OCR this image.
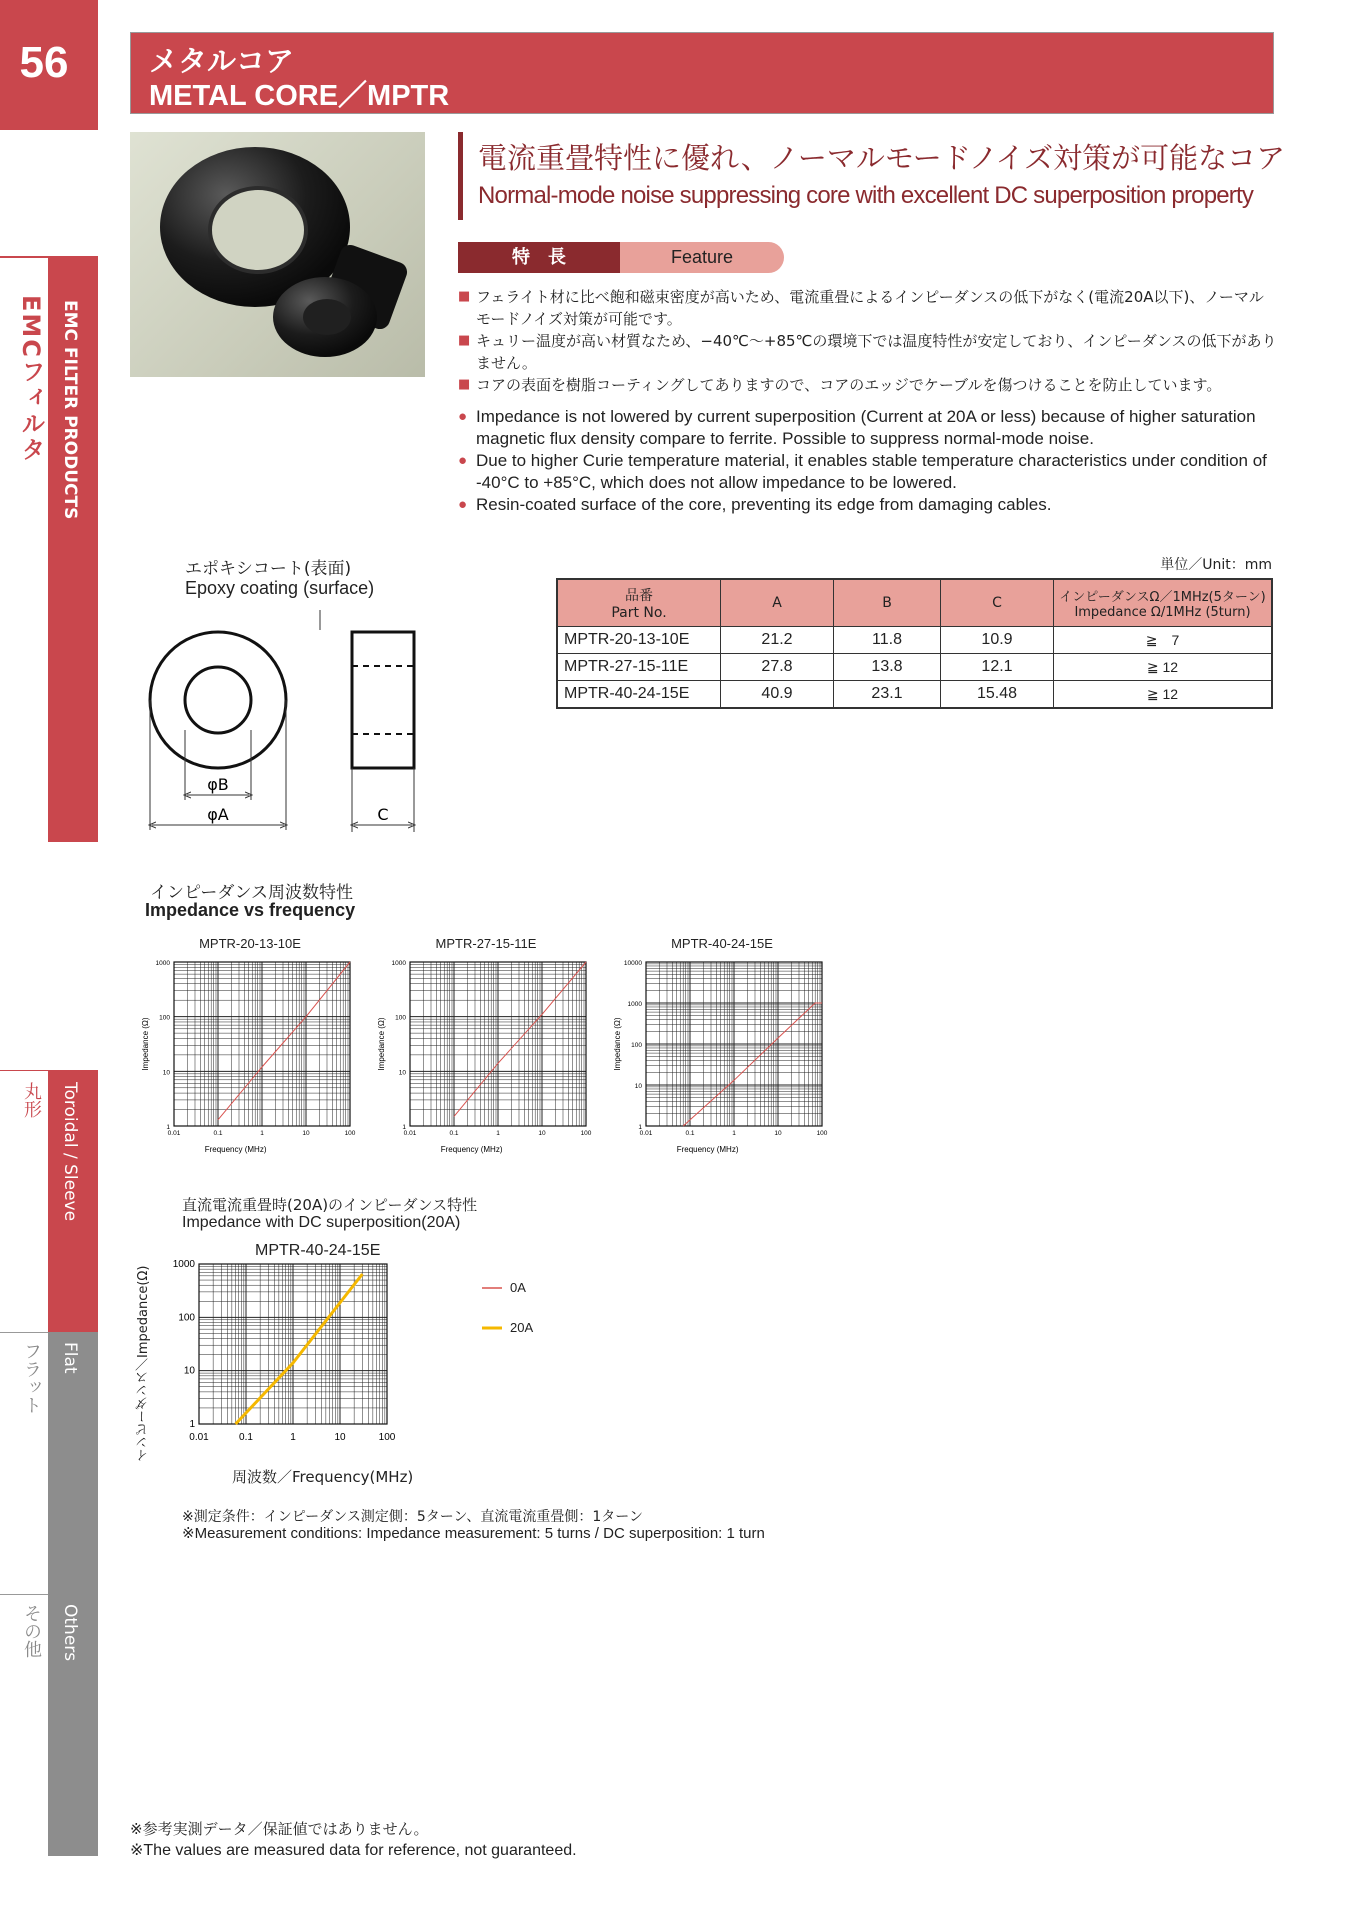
56
EMCフィルタ EMC FILTER PRODUCTS
丸形 Toroidal / Sleeve
フラット Flat
その他 Others
メタルコア
METAL CORE／MPTR
電流重畳特性に優れ、ノーマルモードノイズ対策が可能なコア
Normal-mode noise suppressing core with excellent DC superposition property
特　長	Feature
■ フェライト材に比べ飽和磁束密度が高いため、電流重畳によるインピーダンスの低下がなく(電流20A以下)、ノーマルモードノイズ対策が可能です。
■ キュリー温度が高い材質なため、−40℃〜+85℃の環境下では温度特性が安定しており、インピーダンスの低下がありません。
■ コアの表面を樹脂コーティングしてありますので、コアのエッジでケーブルを傷つけることを防止しています。
● Impedance is not lowered by current superposition (Current at 20A or less) because of higher saturation magnetic flux density compare to ferrite. Possible to suppress normal-mode noise.
● Due to higher Curie temperature material, it enables stable temperature characteristics under condition of -40°C to +85°C, which does not allow impedance to be lowered.
● Resin-coated surface of the core, preventing its edge from damaging cables.
エポキシコート(表面)
Epoxy coating (surface)
φB
φA	C
単位／Unit：mm
品番
Part No.	A	B	C	インピーダンスΩ／1MHz(5ターン)
Impedance Ω/1MHz (5turn)
MPTR-20-13-10E	21.2	11.8	10.9	≧　7
MPTR-27-15-11E	27.8	13.8	12.1	≧ 12
MPTR-40-24-15E	40.9	23.1	15.48	≧ 12
インピーダンス周波数特性
Impedance vs frequency
MPTR-20-13-10E
0.01	0.1	1	10	100
1
10
100
1000
Frequency (MHz)
Impedance (Ω)
MPTR-27-15-11E
0.01	0.1	1	10	100
1
10
100
1000
Frequency (MHz)
Impedance (Ω)
MPTR-40-24-15E
0.01	0.1	1	10	100
1
10
100
1000
10000
Frequency (MHz)
Impedance (Ω)
直流電流重畳時(20A)のインピーダンス特性
Impedance with DC superposition(20A)
MPTR-40-24-15E
インピーダンス／Impedance(Ω)	0.01	0.1	1	10	100
1
10
100
1000
周波数／Frequency(MHz)
0A
20A
※測定条件：インピーダンス測定側：5ターン、直流電流重畳側：1ターン
※Measurement conditions: Impedance measurement: 5 turns / DC superposition: 1 turn
※参考実測データ／保証値ではありません。
※The values are measured data for reference, not guaranteed.
